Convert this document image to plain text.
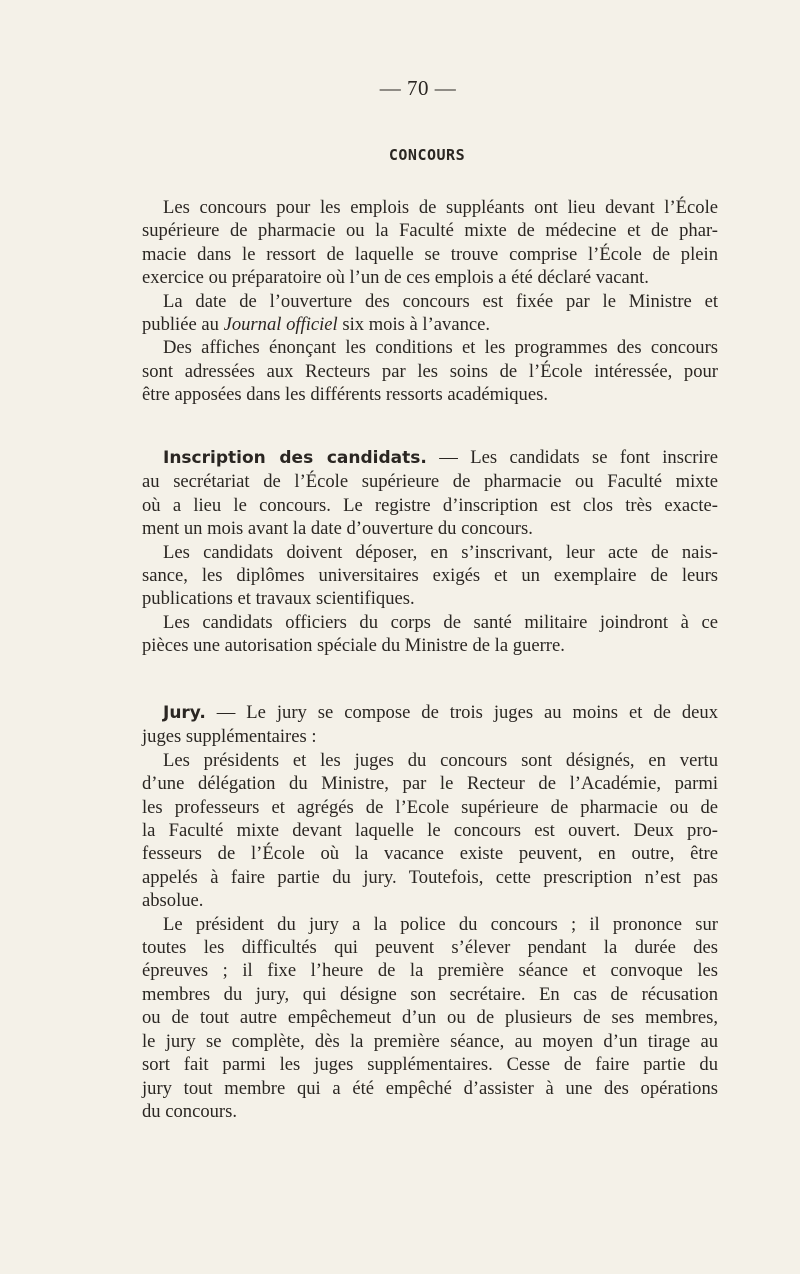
— 70 —
CONCOURS
Les concours pour les emplois de suppléants ont lieu devant l’École
supérieure de pharmacie ou la Faculté mixte de médecine et de phar-
macie dans le ressort de laquelle se trouve comprise l’École de plein
exercice ou préparatoire où l’un de ces emplois a été déclaré vacant.
La date de l’ouverture des concours est fixée par le Ministre et
publiée au Journal officiel six mois à l’avance.
Des affiches énonçant les conditions et les programmes des concours
sont adressées aux Recteurs par les soins de l’École intéressée, pour
être apposées dans les différents ressorts académiques.
Inscription des candidats. — Les candidats se font inscrire
au secrétariat de l’École supérieure de pharmacie ou Faculté mixte
où a lieu le concours. Le registre d’inscription est clos très exacte-
ment un mois avant la date d’ouverture du concours.
Les candidats doivent déposer, en s’inscrivant, leur acte de nais-
sance, les diplômes universitaires exigés et un exemplaire de leurs
publications et travaux scientifiques.
Les candidats officiers du corps de santé militaire joindront à ce
pièces une autorisation spéciale du Ministre de la guerre.
Jury. — Le jury se compose de trois juges au moins et de deux
juges supplémentaires :
Les présidents et les juges du concours sont désignés, en vertu
d’une délégation du Ministre, par le Recteur de l’Académie, parmi
les professeurs et agrégés de l’Ecole supérieure de pharmacie ou de
la Faculté mixte devant laquelle le concours est ouvert. Deux pro-
fesseurs de l’École où la vacance existe peuvent, en outre, être
appelés à faire partie du jury. Toutefois, cette prescription n’est pas
absolue.
Le président du jury a la police du concours ; il prononce sur
toutes les difficultés qui peuvent s’élever pendant la durée des
épreuves ; il fixe l’heure de la première séance et convoque les
membres du jury, qui désigne son secrétaire. En cas de récusation
ou de tout autre empêchemeut d’un ou de plusieurs de ses membres,
le jury se complète, dès la première séance, au moyen d’un tirage au
sort fait parmi les juges supplémentaires. Cesse de faire partie du
jury tout membre qui a été empêché d’assister à une des opérations
du concours.
